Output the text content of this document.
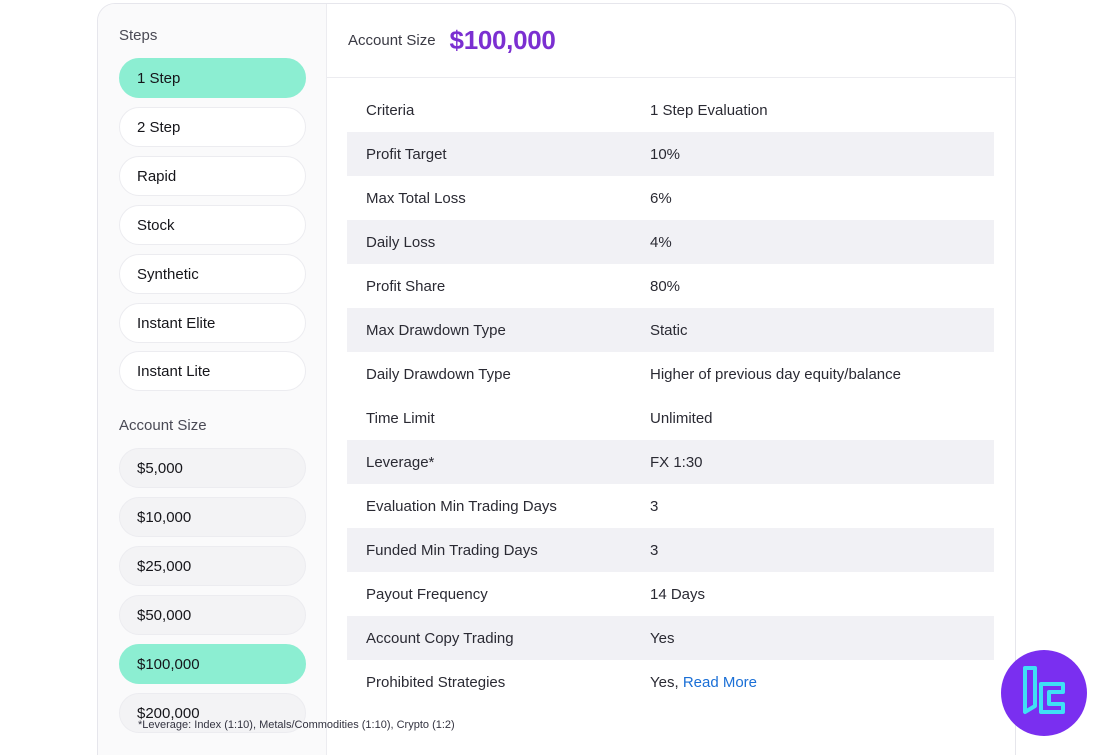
Steps
1 Step
2 Step
Rapid
Stock
Synthetic
Instant Elite
Instant Lite
Account Size
$5,000
$10,000
$25,000
$50,000
$100,000
$200,000
Account Size $100,000
Criteria	1 Step Evaluation
Profit Target	10%
Max Total Loss	6%
Daily Loss	4%
Profit Share	80%
Max Drawdown Type	Static
Daily Drawdown Type	Higher of previous day equity/balance
Time Limit	Unlimited
Leverage*	FX 1:30
Evaluation Min Trading Days	3
Funded Min Trading Days	3
Payout Frequency	14 Days
Account Copy Trading	Yes
Prohibited Strategies	Yes, Read More
*Leverage: Index (1:10), Metals/Commodities (1:10), Crypto (1:2)
